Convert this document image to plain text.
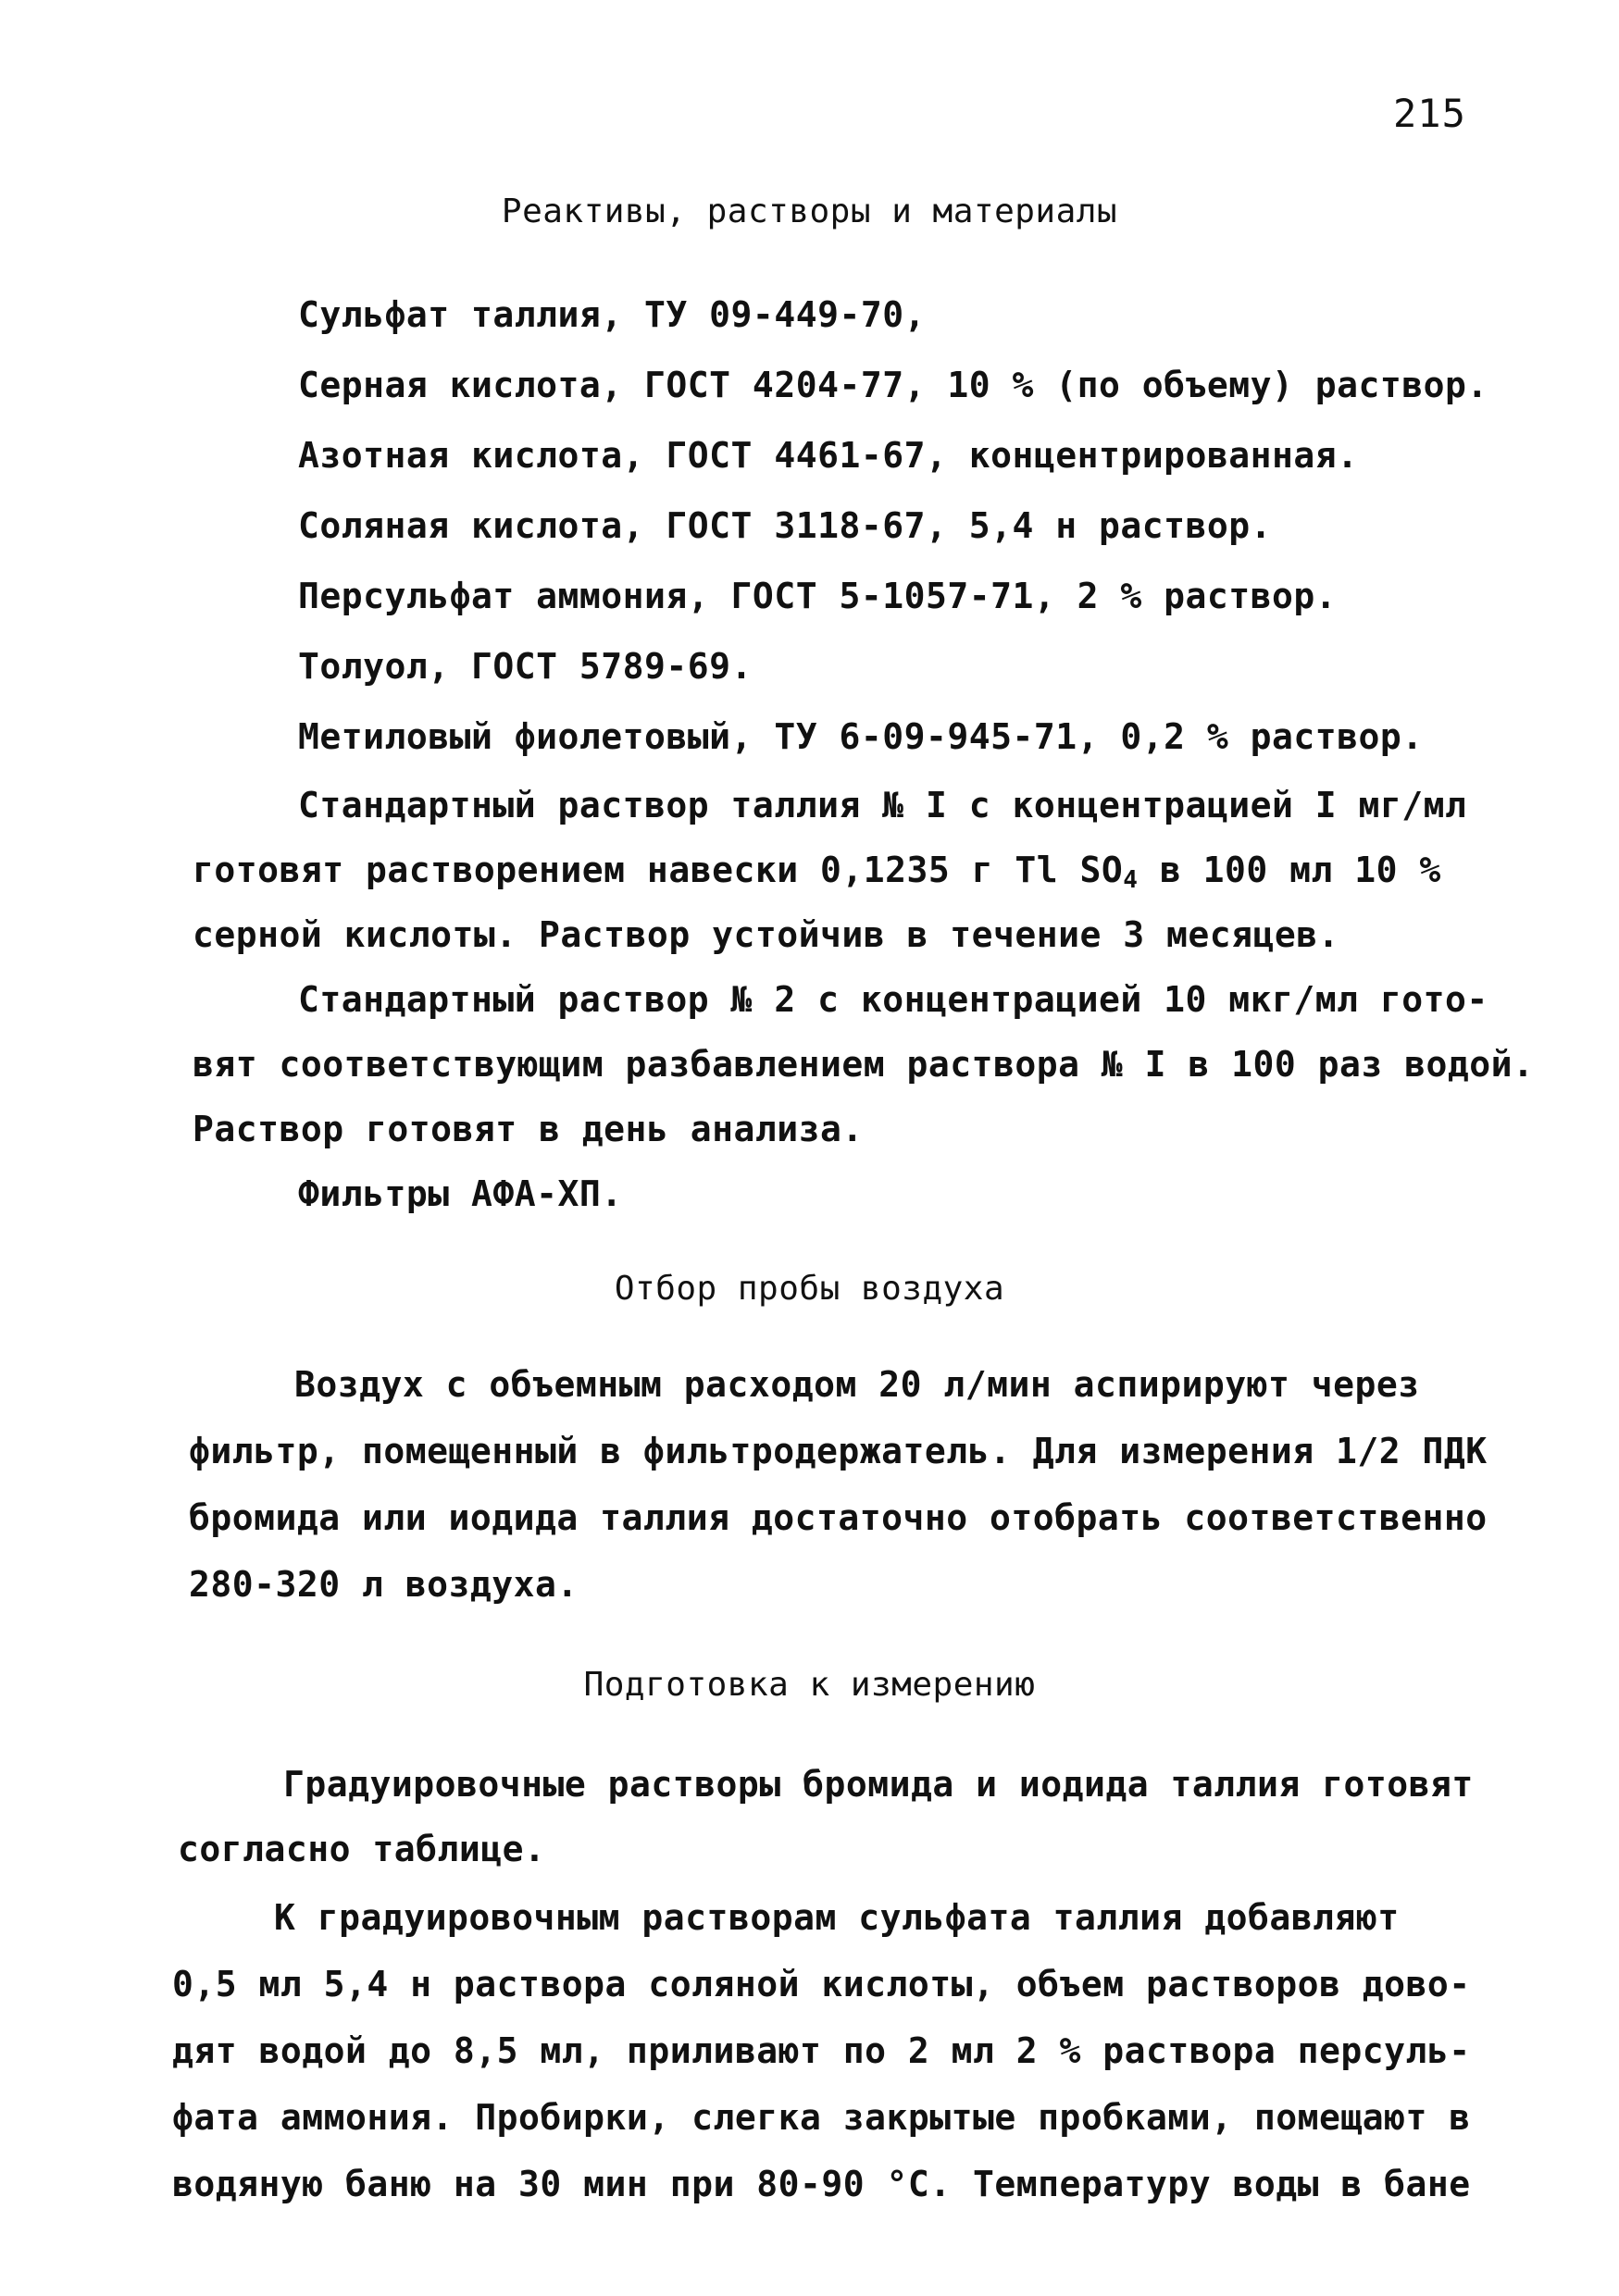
215
Реактивы, растворы и материалы
Сульфат таллия, ТУ 09-449-70,
Серная кислота, ГОСТ 4204-77, 10 % (по объему) раствор.
Азотная кислота, ГОСТ 4461-67, концентрированная.
Соляная кислота, ГОСТ 3118-67, 5,4 н раствор.
Персульфат аммония, ГОСТ 5-1057-71, 2 % раствор.
Толуол, ГОСТ 5789-69.
Метиловый фиолетовый, ТУ 6-09-945-71, 0,2 % раствор.
Стандартный раствор таллия № I с концентрацией I мг/мл
готовят растворением навески 0,1235 г Tl $SO_4$ в 100 мл 10 %
серной кислоты. Раствор устойчив в течение 3 месяцев.
Стандартный раствор № 2 с концентрацией 10 мкг/мл гото-
вят соответствующим разбавлением раствора № I в 100 раз водой.
Раствор готовят в день анализа.
Фильтры АФА-ХП.
Отбор пробы воздуха
Воздух с объемным расходом 20 л/мин аспирируют через
фильтр, помещенный в фильтродержатель. Для измерения 1/2 ПДК
бромида или иодида таллия достаточно отобрать соответственно
280-320 л воздуха.
Подготовка к измерению
Градуировочные растворы бромида и иодида таллия готовят
согласно таблице.
К градуировочным растворам сульфата таллия добавляют
0,5 мл 5,4 н раствора соляной кислоты, объем растворов дово-
дят водой до 8,5 мл, приливают по 2 мл 2 % раствора персуль-
фата аммония. Пробирки, слегка закрытые пробками, помещают в
водяную баню на 30 мин при 80-90 °С. Температуру воды в бане
